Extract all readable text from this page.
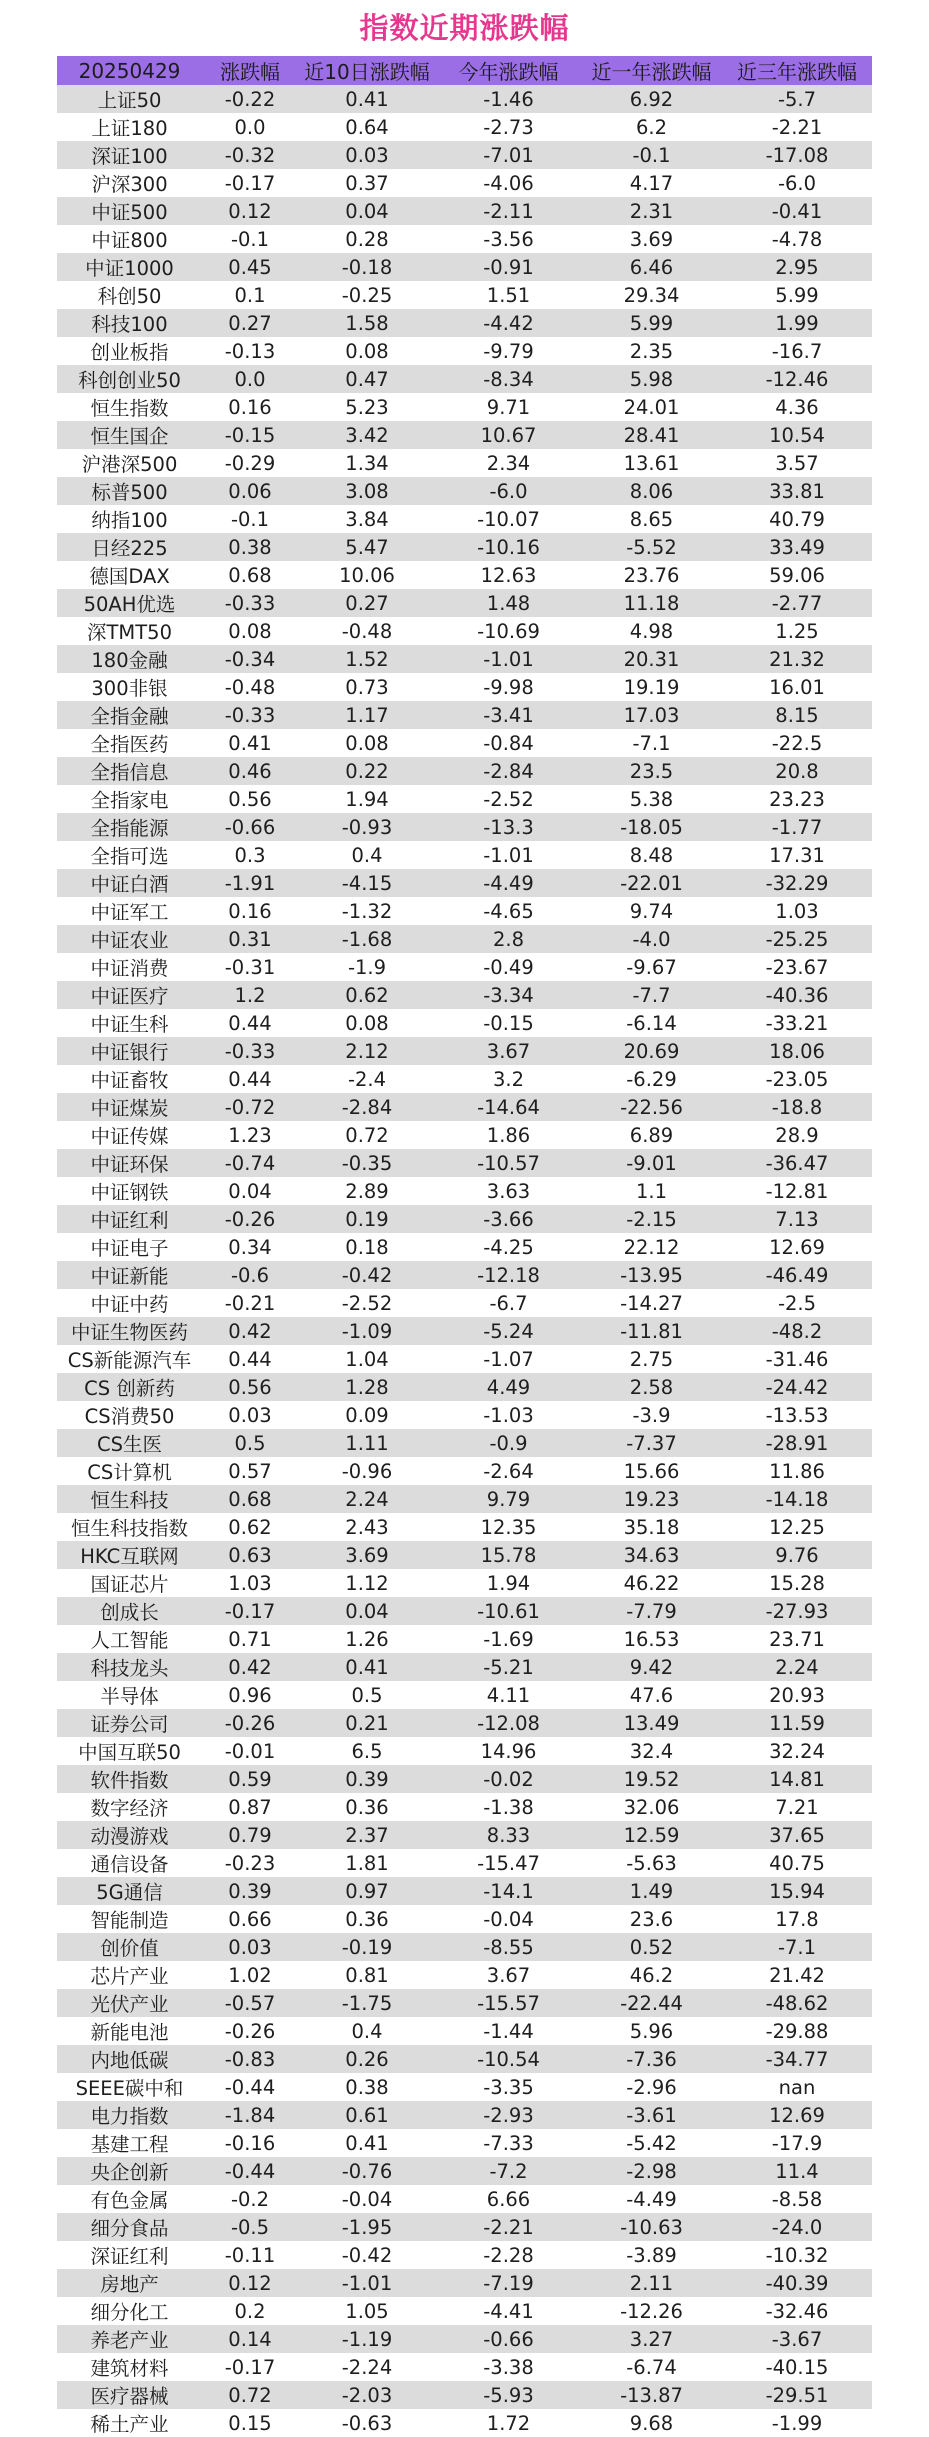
指数近期涨跌幅
20250429	涨跌幅	近10日涨跌幅	今年涨跌幅	近一年涨跌幅	近三年涨跌幅
上证50	-0.22	0.41	-1.46	6.92	-5.7
上证180	0.0	0.64	-2.73	6.2	-2.21
深证100	-0.32	0.03	-7.01	-0.1	-17.08
沪深300	-0.17	0.37	-4.06	4.17	-6.0
中证500	0.12	0.04	-2.11	2.31	-0.41
中证800	-0.1	0.28	-3.56	3.69	-4.78
中证1000	0.45	-0.18	-0.91	6.46	2.95
科创50	0.1	-0.25	1.51	29.34	5.99
科技100	0.27	1.58	-4.42	5.99	1.99
创业板指	-0.13	0.08	-9.79	2.35	-16.7
科创创业50	0.0	0.47	-8.34	5.98	-12.46
恒生指数	0.16	5.23	9.71	24.01	4.36
恒生国企	-0.15	3.42	10.67	28.41	10.54
沪港深500	-0.29	1.34	2.34	13.61	3.57
标普500	0.06	3.08	-6.0	8.06	33.81
纳指100	-0.1	3.84	-10.07	8.65	40.79
日经225	0.38	5.47	-10.16	-5.52	33.49
德国DAX	0.68	10.06	12.63	23.76	59.06
50AH优选	-0.33	0.27	1.48	11.18	-2.77
深TMT50	0.08	-0.48	-10.69	4.98	1.25
180金融	-0.34	1.52	-1.01	20.31	21.32
300非银	-0.48	0.73	-9.98	19.19	16.01
全指金融	-0.33	1.17	-3.41	17.03	8.15
全指医药	0.41	0.08	-0.84	-7.1	-22.5
全指信息	0.46	0.22	-2.84	23.5	20.8
全指家电	0.56	1.94	-2.52	5.38	23.23
全指能源	-0.66	-0.93	-13.3	-18.05	-1.77
全指可选	0.3	0.4	-1.01	8.48	17.31
中证白酒	-1.91	-4.15	-4.49	-22.01	-32.29
中证军工	0.16	-1.32	-4.65	9.74	1.03
中证农业	0.31	-1.68	2.8	-4.0	-25.25
中证消费	-0.31	-1.9	-0.49	-9.67	-23.67
中证医疗	1.2	0.62	-3.34	-7.7	-40.36
中证生科	0.44	0.08	-0.15	-6.14	-33.21
中证银行	-0.33	2.12	3.67	20.69	18.06
中证畜牧	0.44	-2.4	3.2	-6.29	-23.05
中证煤炭	-0.72	-2.84	-14.64	-22.56	-18.8
中证传媒	1.23	0.72	1.86	6.89	28.9
中证环保	-0.74	-0.35	-10.57	-9.01	-36.47
中证钢铁	0.04	2.89	3.63	1.1	-12.81
中证红利	-0.26	0.19	-3.66	-2.15	7.13
中证电子	0.34	0.18	-4.25	22.12	12.69
中证新能	-0.6	-0.42	-12.18	-13.95	-46.49
中证中药	-0.21	-2.52	-6.7	-14.27	-2.5
中证生物医药	0.42	-1.09	-5.24	-11.81	-48.2
CS新能源汽车	0.44	1.04	-1.07	2.75	-31.46
CS 创新药	0.56	1.28	4.49	2.58	-24.42
CS消费50	0.03	0.09	-1.03	-3.9	-13.53
CS生医	0.5	1.11	-0.9	-7.37	-28.91
CS计算机	0.57	-0.96	-2.64	15.66	11.86
恒生科技	0.68	2.24	9.79	19.23	-14.18
恒生科技指数	0.62	2.43	12.35	35.18	12.25
HKC互联网	0.63	3.69	15.78	34.63	9.76
国证芯片	1.03	1.12	1.94	46.22	15.28
创成长	-0.17	0.04	-10.61	-7.79	-27.93
人工智能	0.71	1.26	-1.69	16.53	23.71
科技龙头	0.42	0.41	-5.21	9.42	2.24
半导体	0.96	0.5	4.11	47.6	20.93
证券公司	-0.26	0.21	-12.08	13.49	11.59
中国互联50	-0.01	6.5	14.96	32.4	32.24
软件指数	0.59	0.39	-0.02	19.52	14.81
数字经济	0.87	0.36	-1.38	32.06	7.21
动漫游戏	0.79	2.37	8.33	12.59	37.65
通信设备	-0.23	1.81	-15.47	-5.63	40.75
5G通信	0.39	0.97	-14.1	1.49	15.94
智能制造	0.66	0.36	-0.04	23.6	17.8
创价值	0.03	-0.19	-8.55	0.52	-7.1
芯片产业	1.02	0.81	3.67	46.2	21.42
光伏产业	-0.57	-1.75	-15.57	-22.44	-48.62
新能电池	-0.26	0.4	-1.44	5.96	-29.88
内地低碳	-0.83	0.26	-10.54	-7.36	-34.77
SEEE碳中和	-0.44	0.38	-3.35	-2.96	nan
电力指数	-1.84	0.61	-2.93	-3.61	12.69
基建工程	-0.16	0.41	-7.33	-5.42	-17.9
央企创新	-0.44	-0.76	-7.2	-2.98	11.4
有色金属	-0.2	-0.04	6.66	-4.49	-8.58
细分食品	-0.5	-1.95	-2.21	-10.63	-24.0
深证红利	-0.11	-0.42	-2.28	-3.89	-10.32
房地产	0.12	-1.01	-7.19	2.11	-40.39
细分化工	0.2	1.05	-4.41	-12.26	-32.46
养老产业	0.14	-1.19	-0.66	3.27	-3.67
建筑材料	-0.17	-2.24	-3.38	-6.74	-40.15
医疗器械	0.72	-2.03	-5.93	-13.87	-29.51
稀土产业	0.15	-0.63	1.72	9.68	-1.99
